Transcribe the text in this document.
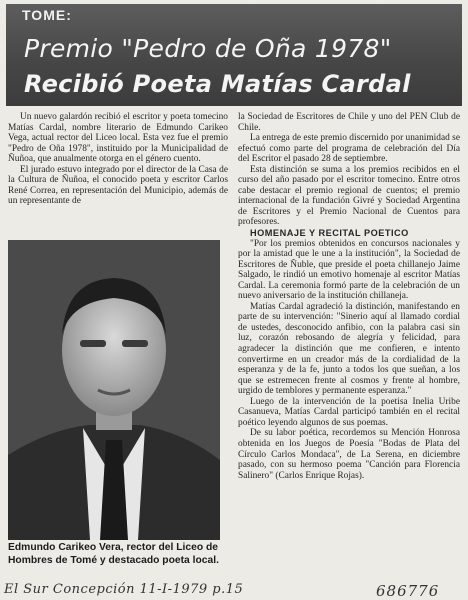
TOME:
Premio "Pedro de Oña 1978"
Recibió Poeta Matías Cardal

Un nuevo galardón recibió el escritor y poeta tomecino Matías Cardal, nombre literario de Edmundo Carikeo Vega, actual rector del Liceo local. Esta vez fue el premio "Pedro de Oña 1978", instituido por la Municipalidad de Ñuñoa, que anualmente otorga en el género cuento.

El jurado estuvo integrado por el director de la Casa de la Cultura de Ñuñoa, el conocido poeta y escritor Carlos René Correa, en representación del Municipio, además de un representante de

Edmundo Carikeo Vera, rector del Liceo de Hombres de Tomé y destacado poeta local.

la Sociedad de Escritores de Chile y uno del PEN Club de Chile.

La entrega de este premio discernido por unanimidad se efectuó como parte del programa de celebración del Día del Escritor el pasado 28 de septiembre.

Esta distinción se suma a los premios recibidos en el curso del año pasado por el escritor tomecino. Entre otros cabe destacar el premio regional de cuentos; el premio internacional de la fundación Givré y Sociedad Argentina de Escritores y el Premio Nacional de Cuentos para profesores.

HOMENAJE Y RECITAL POETICO

"Por los premios obtenidos en concursos nacionales y por la amistad que le une a la institución", la Sociedad de Escritores de Ñuble, que preside el poeta chillanejo Jaime Salgado, le rindió un emotivo homenaje al escritor Matías Cardal. La ceremonia formó parte de la celebración de un nuevo aniversario de la institución chillaneja.

Matías Cardal agradeció la distinción, manifestando en parte de su intervención: "Sinerio aquí al llamado cordial de ustedes, desconocido anfibio, con la palabra casi sin luz, corazón rebosando de alegría y felicidad, para agradecer la distinción que me confieren, e intento convertirme en un creador más de la cordialidad de la esperanza y de la fe, junto a todos los que sueñan, a los que se estremecen frente al cosmos y frente al hombre, urgido de temblores y permanente esperanza."

Luego de la intervención de la poetisa Inelia Uribe Casanueva, Matías Cardal participó también en el recital poético leyendo algunos de sus poemas.

De su labor poética, recordemos su Mención Honrosa obtenida en los Juegos de Poesía "Bodas de Plata del Círculo Carlos Mondaca", de La Serena, en diciembre pasado, con su hermoso poema "Canción para Florencia Salinero" (Carlos Enrique Rojas).

El Sur Concepción 11-I-1979 p.15	686776
